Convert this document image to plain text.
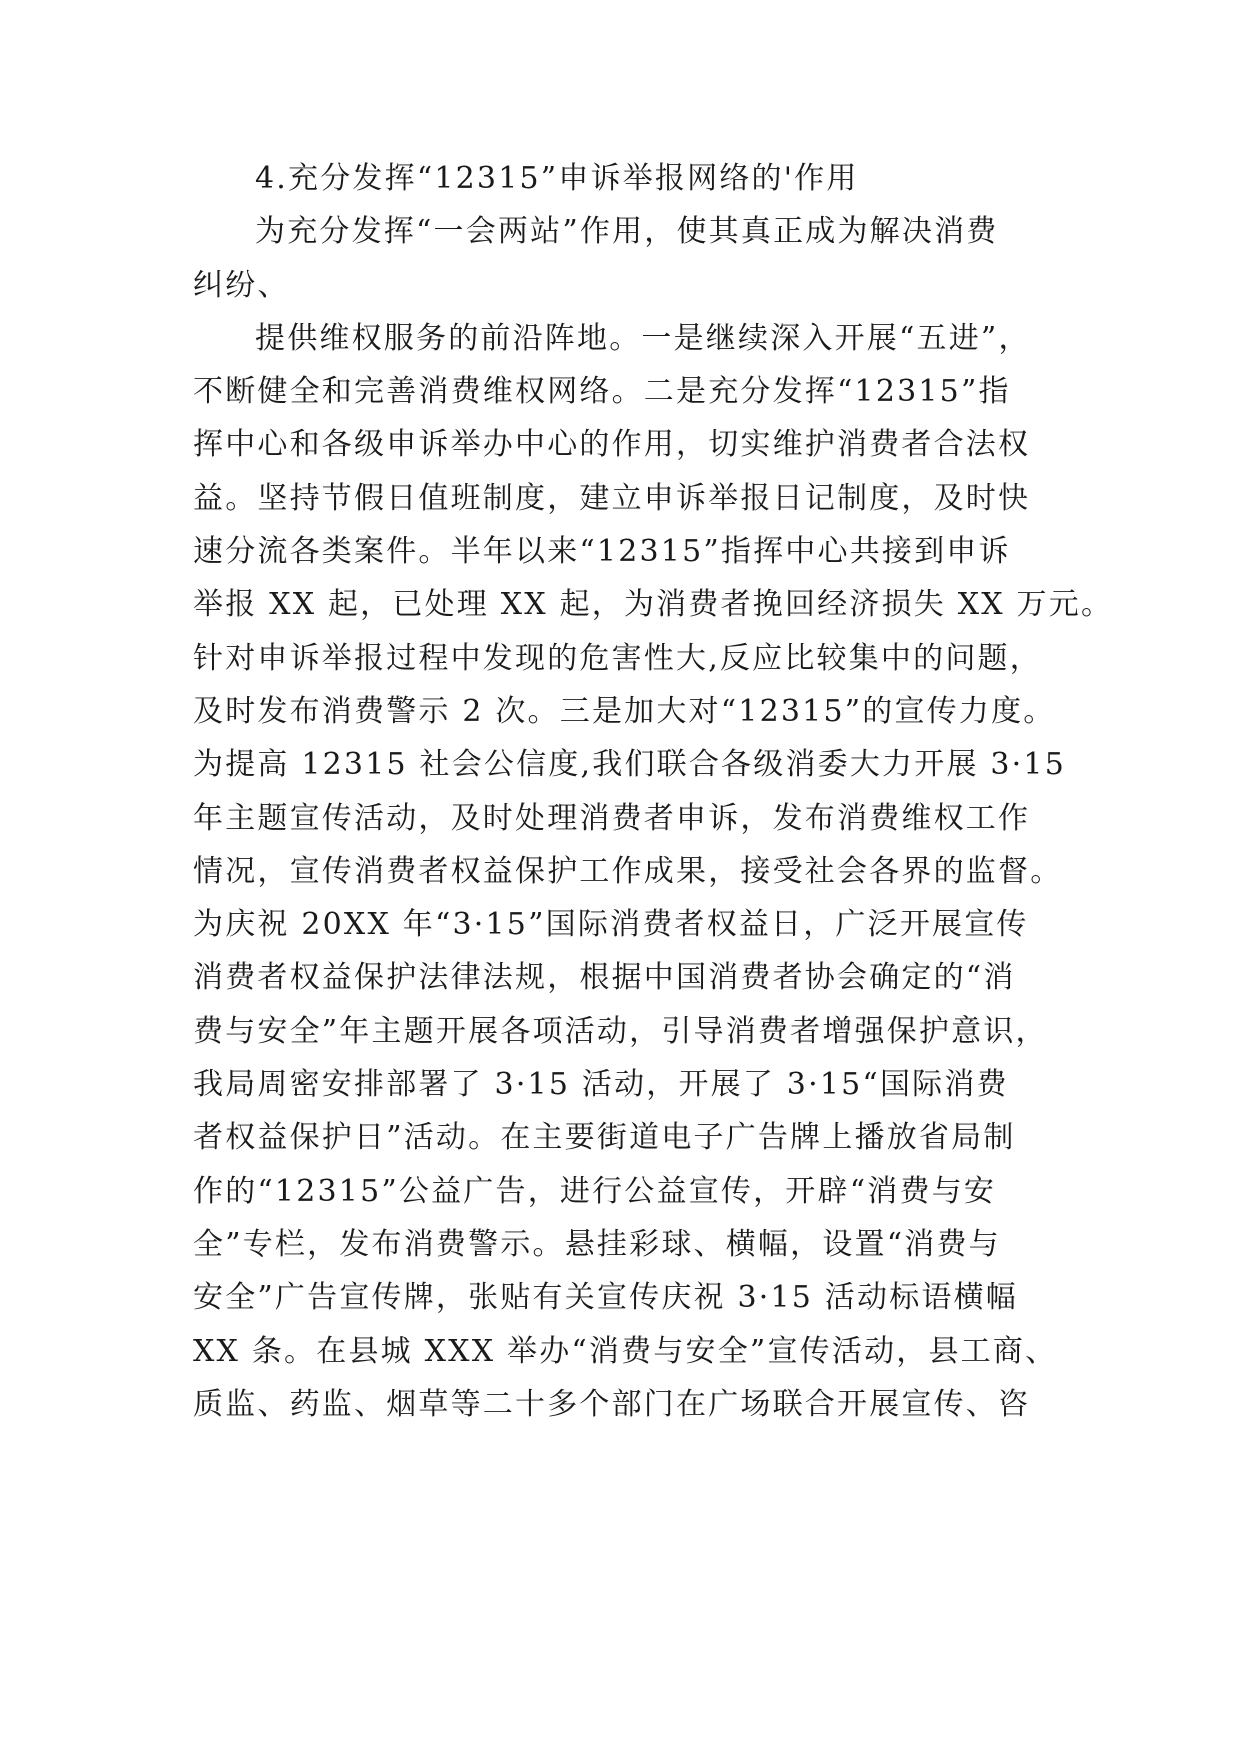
4.充分发挥“12315”申诉举报网络的'作用
为充分发挥“一会两站”作用，使其真正成为解决消费
纠纷、
提供维权服务的前沿阵地。一是继续深入开展“五进”，
不断健全和完善消费维权网络。二是充分发挥“12315”指
挥中心和各级申诉举办中心的作用，切实维护消费者合法权
益。坚持节假日值班制度，建立申诉举报日记制度，及时快
速分流各类案件。半年以来“12315”指挥中心共接到申诉
举报 XX 起，已处理 XX 起，为消费者挽回经济损失 XX 万元。
针对申诉举报过程中发现的危害性大,反应比较集中的问题，
及时发布消费警示 2 次。三是加大对“12315”的宣传力度。
为提高 12315 社会公信度,我们联合各级消委大力开展 3·15
年主题宣传活动，及时处理消费者申诉，发布消费维权工作
情况，宣传消费者权益保护工作成果，接受社会各界的监督。
为庆祝 20XX 年“3·15”国际消费者权益日，广泛开展宣传
消费者权益保护法律法规，根据中国消费者协会确定的“消
费与安全”年主题开展各项活动，引导消费者增强保护意识，
我局周密安排部署了 3·15 活动，开展了 3·15“国际消费
者权益保护日”活动。在主要街道电子广告牌上播放省局制
作的“12315”公益广告，进行公益宣传，开辟“消费与安
全”专栏，发布消费警示。悬挂彩球、横幅，设置“消费与
安全”广告宣传牌，张贴有关宣传庆祝 3·15 活动标语横幅
XX 条。在县城 XXX 举办“消费与安全”宣传活动，县工商、
质监、药监、烟草等二十多个部门在广场联合开展宣传、咨
